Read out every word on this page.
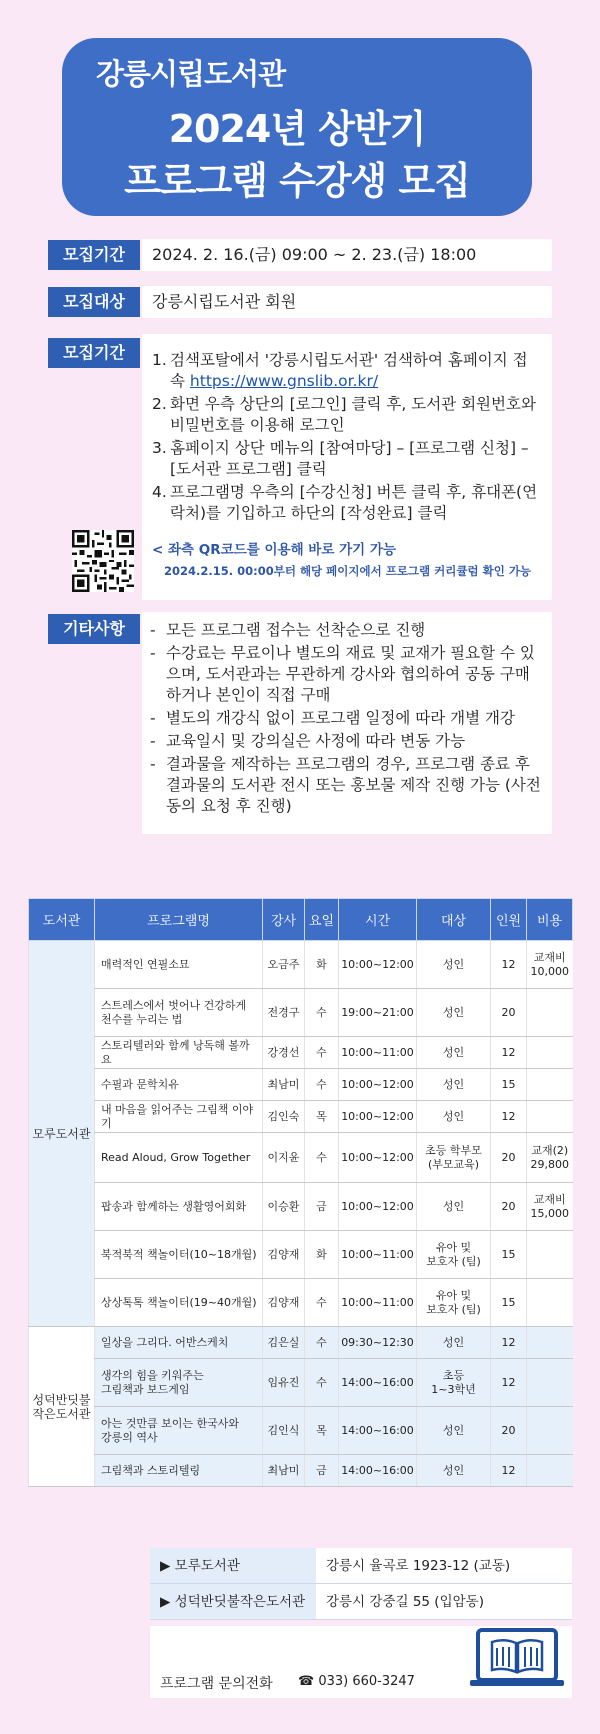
강릉시립도서관
2024년 상반기
프로그램 수강생 모집
모집기간	2024. 2. 16.(금) 09:00 ~ 2. 23.(금) 18:00
모집대상	강릉시립도서관 회원
모집기간	1. 검색포탈에서 '강릉시립도서관' 검색하여 홈페이지 접속 https://www.gnslib.or.kr/
2. 화면 우측 상단의 [로그인] 클릭 후, 도서관 회원번호와 비밀번호를 이용해 로그인
3. 홈페이지 상단 메뉴의 [참여마당] – [프로그램 신청] – [도서관 프로그램] 클릭
4. 프로그램명 우측의 [수강신청] 버튼 클릭 후, 휴대폰(연락처)를 기입하고 하단의 [작성완료] 클릭
< 좌측 QR코드를 이용해 바로 가기 가능
2024.2.15. 00:00부터 해당 페이지에서 프로그램 커리큘럼 확인 가능
기타사항	- 모든 프로그램 접수는 선착순으로 진행
- 수강료는 무료이나 별도의 재료 및 교재가 필요할 수 있으며, 도서관과는 무관하게 강사와 협의하여 공동 구매하거나 본인이 직접 구매
- 별도의 개강식 없이 프로그램 일정에 따라 개별 개강
- 교육일시 및 강의실은 사정에 따라 변동 가능
- 결과물을 제작하는 프로그램의 경우, 프로그램 종료 후 결과물의 도서관 전시 또는 홍보물 제작 진행 가능 (사전 동의 요청 후 진행)
도서관	프로그램명	강사	요일	시간	대상	인원	비용
모루도서관	매력적인 연필소묘	오금주	화	10:00~12:00	성인	12	교재비
10,000
	스트레스에서 벗어나 건강하게
천수를 누리는 법	전경구	수	19:00~21:00	성인	20	
	스토리텔러와 함께 낭독해 볼까요	강경선	수	10:00~11:00	성인	12	
	수필과 문학치유	최남미	수	10:00~12:00	성인	15	
	내 마음을 읽어주는 그림책 이야기	김인숙	목	10:00~12:00	성인	12	
	Read Aloud, Grow Together	이지윤	수	10:00~12:00	초등 학부모
(부모교육)	20	교재(2)
29,800
	팝송과 함께하는 생활영어회화	이승환	금	10:00~12:00	성인	20	교재비
15,000
	북적북적 책놀이터(10~18개월)	김양재	화	10:00~11:00	유아 및
보호자 (팀)	15	
	상상톡톡 책놀이터(19~40개월)	김양재	수	10:00~11:00	유아 및
보호자 (팀)	15	
성덕반딧불
작은도서관	일상을 그리다. 어반스케치	김은실	수	09:30~12:30	성인	12	
	생각의 힘을 키워주는
그림책과 보드게임	임유진	수	14:00~16:00	초등
1~3학년	12	
	아는 것만큼 보이는 한국사와
강릉의 역사	김인식	목	14:00~16:00	성인	20	
	그림책과 스토리텔링	최남미	금	14:00~16:00	성인	12	
▶ 모루도서관	강릉시 율곡로 1923-12 (교동)
▶ 성덕반딧불작은도서관	강릉시 강중길 55 (입암동)
프로그램 문의전화 ☎ 033) 660-3247
